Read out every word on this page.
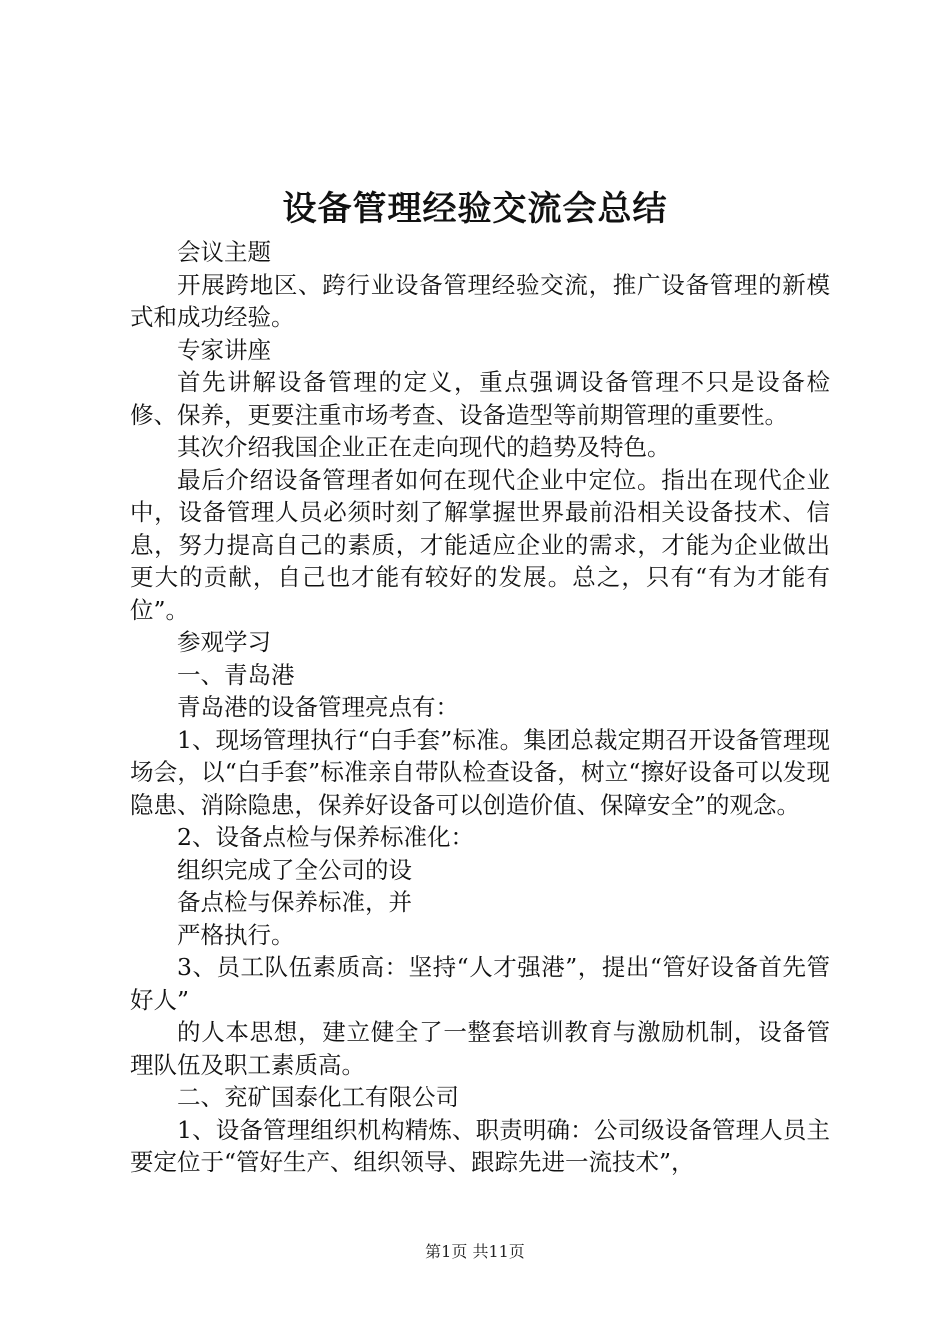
设备管理经验交流会总结

会议主题

开展跨地区、跨行业设备管理经验交流，推广设备管理的新模式和成功经验。

专家讲座

首先讲解设备管理的定义，重点强调设备管理不只是设备检修、保养，更要注重市场考查、设备造型等前期管理的重要性。

其次介绍我国企业正在走向现代的趋势及特色。

最后介绍设备管理者如何在现代企业中定位。指出在现代企业中，设备管理人员必须时刻了解掌握世界最前沿相关设备技术、信息，努力提高自己的素质，才能适应企业的需求，才能为企业做出更大的贡献，自己也才能有较好的发展。总之，只有“有为才能有位”。

参观学习

一、青岛港

青岛港的设备管理亮点有：

1、现场管理执行“白手套”标准。集团总裁定期召开设备管理现场会，以“白手套”标准亲自带队检查设备，树立“擦好设备可以发现隐患、消除隐患，保养好设备可以创造价值、保障安全”的观念。

2、设备点检与保养标准化：

组织完成了全公司的设

备点检与保养标准，并

严格执行。

3、员工队伍素质高：坚持“人才强港”，提出“管好设备首先管好人”

的人本思想，建立健全了一整套培训教育与激励机制，设备管理队伍及职工素质高。

二、兖矿国泰化工有限公司

1、设备管理组织机构精炼、职责明确：公司级设备管理人员主要定位于“管好生产、组织领导、跟踪先进一流技术”，

第1页 共11页
